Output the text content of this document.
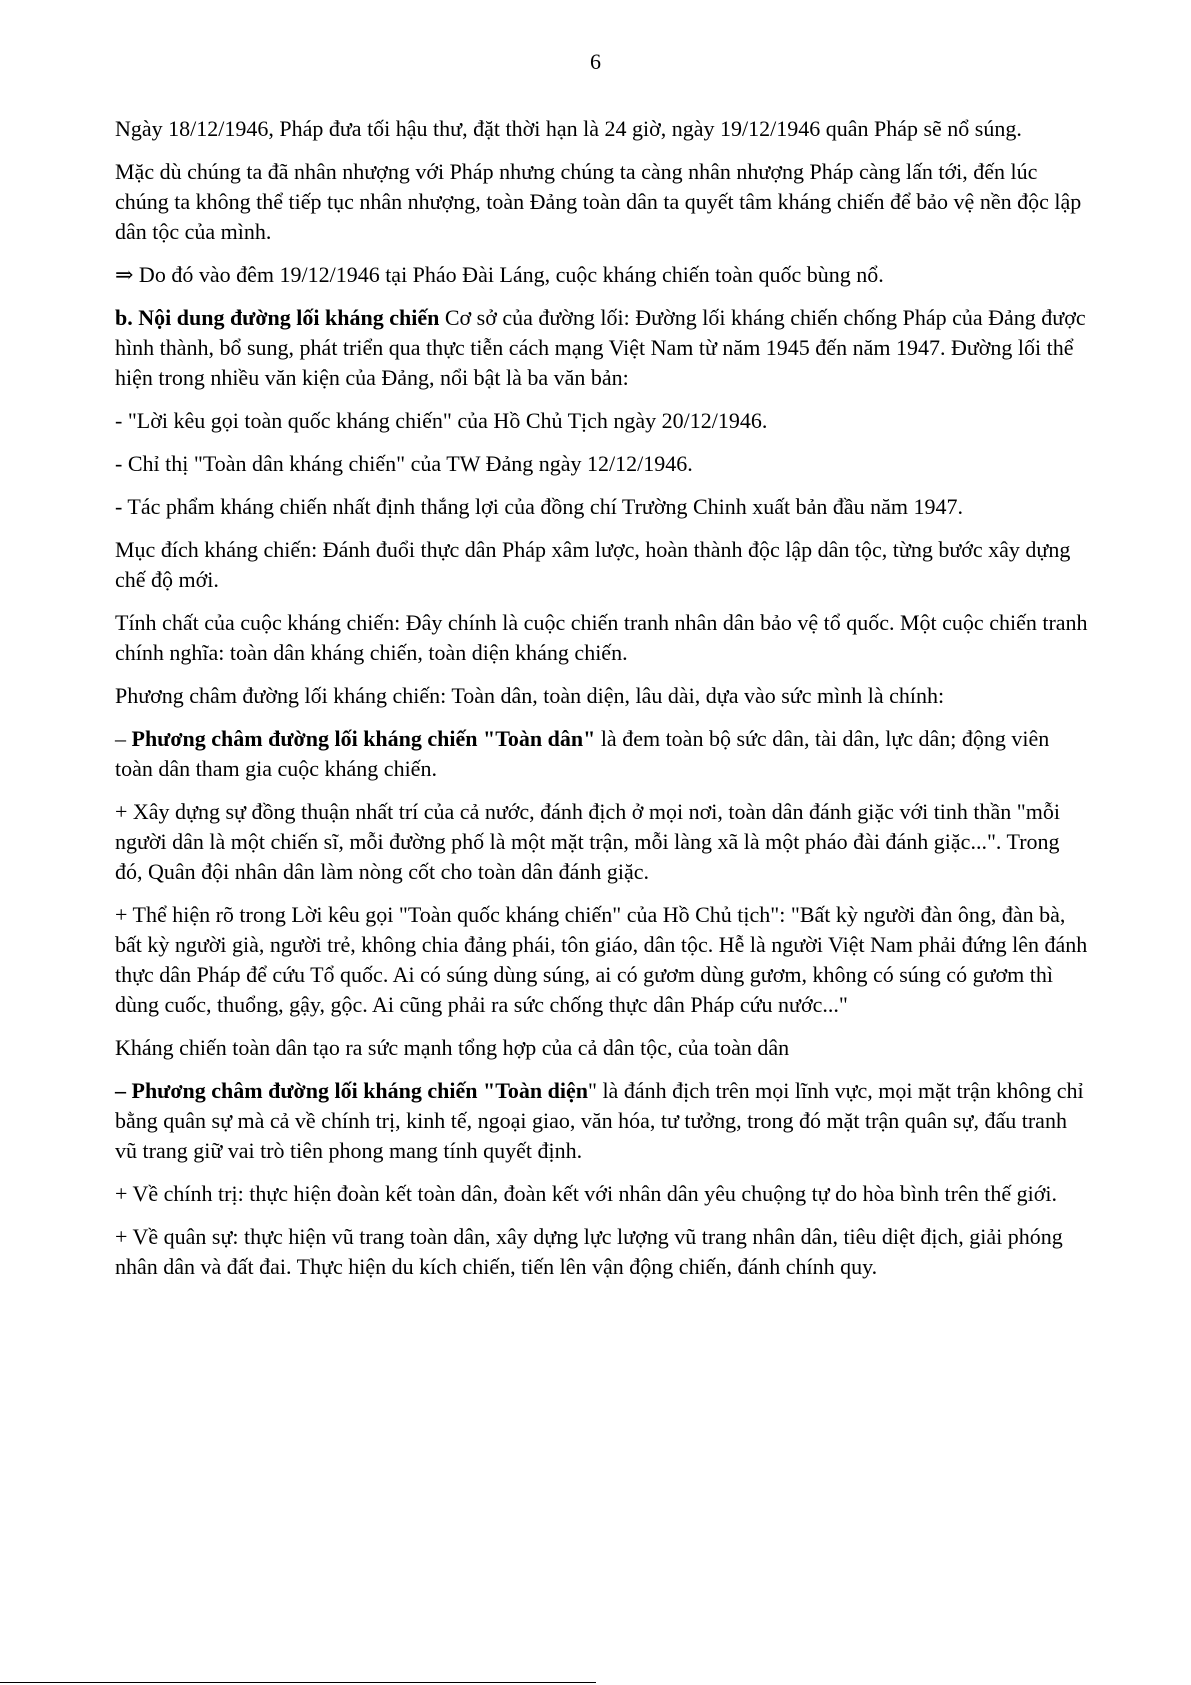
6

Ngày 18/12/1946, Pháp đưa tối hậu thư, đặt thời hạn là 24 giờ, ngày 19/12/1946 quân Pháp sẽ nổ súng.

Mặc dù chúng ta đã nhân nhượng với Pháp nhưng chúng ta càng nhân nhượng Pháp càng lấn tới, đến lúc chúng ta không thể tiếp tục nhân nhượng, toàn Đảng toàn dân ta quyết tâm kháng chiến để bảo vệ nền độc lập dân tộc của mình.

⇒ Do đó vào đêm 19/12/1946 tại Pháo Đài Láng, cuộc kháng chiến toàn quốc bùng nổ.

b. Nội dung đường lối kháng chiến Cơ sở của đường lối: Đường lối kháng chiến chống Pháp của Đảng được hình thành, bổ sung, phát triển qua thực tiễn cách mạng Việt Nam từ năm 1945 đến năm 1947. Đường lối thể hiện trong nhiều văn kiện của Đảng, nổi bật là ba văn bản:

- "Lời kêu gọi toàn quốc kháng chiến" của Hồ Chủ Tịch ngày 20/12/1946.

- Chỉ thị "Toàn dân kháng chiến" của TW Đảng ngày 12/12/1946.

- Tác phẩm kháng chiến nhất định thắng lợi của đồng chí Trường Chinh xuất bản đầu năm 1947.

Mục đích kháng chiến: Đánh đuổi thực dân Pháp xâm lược, hoàn thành độc lập dân tộc, từng bước xây dựng chế độ mới.

Tính chất của cuộc kháng chiến: Đây chính là cuộc chiến tranh nhân dân bảo vệ tổ quốc. Một cuộc chiến tranh chính nghĩa: toàn dân kháng chiến, toàn diện kháng chiến.

Phương châm đường lối kháng chiến: Toàn dân, toàn diện, lâu dài, dựa vào sức mình là chính:

– Phương châm đường lối kháng chiến "Toàn dân" là đem toàn bộ sức dân, tài dân, lực dân; động viên toàn dân tham gia cuộc kháng chiến.

+ Xây dựng sự đồng thuận nhất trí của cả nước, đánh địch ở mọi nơi, toàn dân đánh giặc với tinh thần "mỗi người dân là một chiến sĩ, mỗi đường phố là một mặt trận, mỗi làng xã là một pháo đài đánh giặc...". Trong đó, Quân đội nhân dân làm nòng cốt cho toàn dân đánh giặc.

+ Thể hiện rõ trong Lời kêu gọi "Toàn quốc kháng chiến" của Hồ Chủ tịch": "Bất kỳ người đàn ông, đàn bà, bất kỳ người già, người trẻ, không chia đảng phái, tôn giáo, dân tộc. Hễ là người Việt Nam phải đứng lên đánh thực dân Pháp để cứu Tổ quốc. Ai có súng dùng súng, ai có gươm dùng gươm, không có súng có gươm thì dùng cuốc, thuổng, gậy, gộc. Ai cũng phải ra sức chống thực dân Pháp cứu nước..."

Kháng chiến toàn dân tạo ra sức mạnh tổng hợp của cả dân tộc, của toàn dân

– Phương châm đường lối kháng chiến "Toàn diện" là đánh địch trên mọi lĩnh vực, mọi mặt trận không chỉ bằng quân sự mà cả về chính trị, kinh tế, ngoại giao, văn hóa, tư tưởng, trong đó mặt trận quân sự, đấu tranh vũ trang giữ vai trò tiên phong mang tính quyết định.

+ Về chính trị: thực hiện đoàn kết toàn dân, đoàn kết với nhân dân yêu chuộng tự do hòa bình trên thế giới.

+ Về quân sự: thực hiện vũ trang toàn dân, xây dựng lực lượng vũ trang nhân dân, tiêu diệt địch, giải phóng nhân dân và đất đai. Thực hiện du kích chiến, tiến lên vận động chiến, đánh chính quy.
